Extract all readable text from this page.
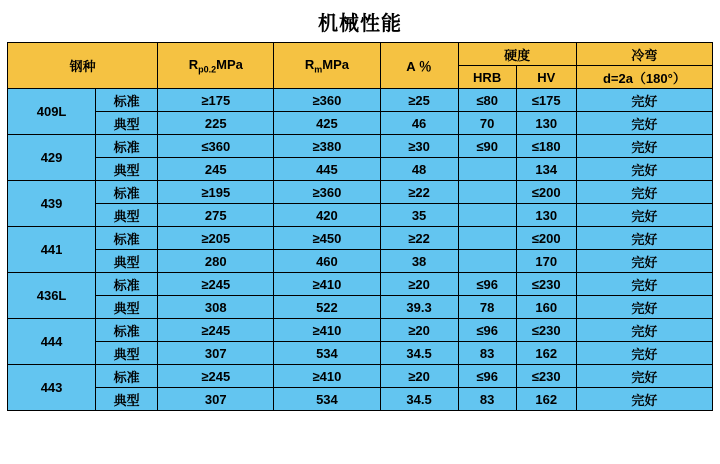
机械性能
钢种		$R_{p0.2}MPa$	$R_mMPa$	A ％	硬度		冷弯
					HRB	HV	d=2a（180°）
409L	标准	≥175	≥360	≥25	≤80	≤175	完好
	典型	225	425	46	70	130	完好
429	标准	≤360	≥380	≥30	≤90	≤180	完好
	典型	245	445	48		134	完好
439	标准	≥195	≥360	≥22		≤200	完好
	典型	275	420	35		130	完好
441	标准	≥205	≥450	≥22		≤200	完好
	典型	280	460	38		170	完好
436L	标准	≥245	≥410	≥20	≤96	≤230	完好
	典型	308	522	39.3	78	160	完好
444	标准	≥245	≥410	≥20	≤96	≤230	完好
	典型	307	534	34.5	83	162	完好
443	标准	≥245	≥410	≥20	≤96	≤230	完好
	典型	307	534	34.5	83	162	完好
